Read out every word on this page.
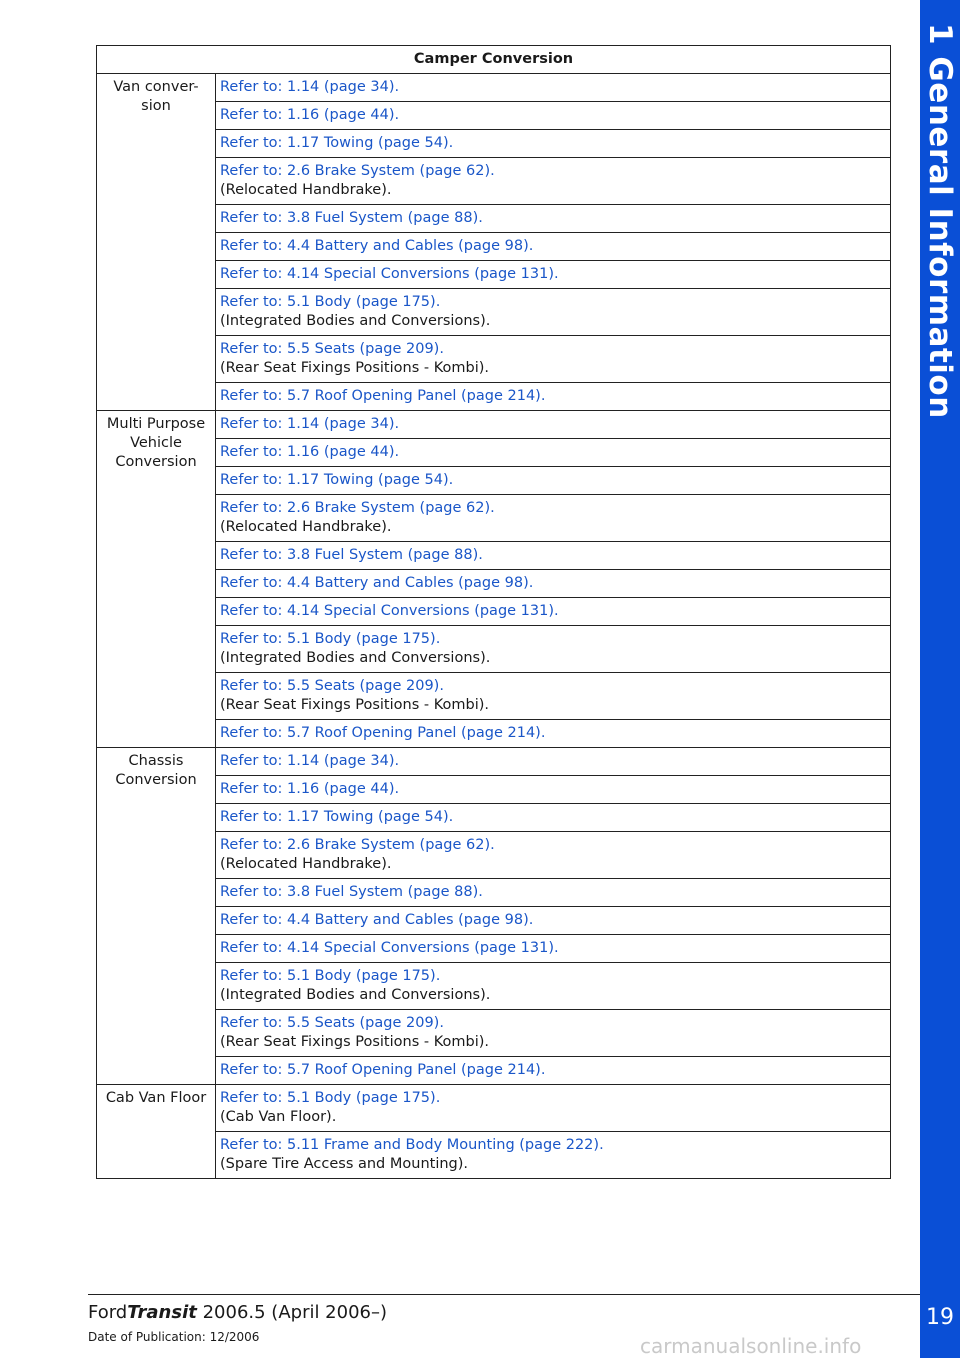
Camper Conversion	
Van conver-
sion	Refer to: 1.14 (page 34).

	Refer to: 1.16 (page 44).

	Refer to: 1.17 Towing (page 54).

	Refer to: 2.6 Brake System (page 62).
(Relocated Handbrake).

	Refer to: 3.8 Fuel System (page 88).

	Refer to: 4.4 Battery and Cables (page 98).

	Refer to: 4.14 Special Conversions (page 131).

	Refer to: 5.1 Body (page 175).
(Integrated Bodies and Conversions).

	Refer to: 5.5 Seats (page 209).
(Rear Seat Fixings Positions - Kombi).

	Refer to: 5.7 Roof Opening Panel (page 214).

Multi Purpose Vehicle Conversion	Refer to: 1.14 (page 34).

	Refer to: 1.16 (page 44).

	Refer to: 1.17 Towing (page 54).

	Refer to: 2.6 Brake System (page 62).
(Relocated Handbrake).

	Refer to: 3.8 Fuel System (page 88).

	Refer to: 4.4 Battery and Cables (page 98).

	Refer to: 4.14 Special Conversions (page 131).

	Refer to: 5.1 Body (page 175).
(Integrated Bodies and Conversions).

	Refer to: 5.5 Seats (page 209).
(Rear Seat Fixings Positions - Kombi).

	Refer to: 5.7 Roof Opening Panel (page 214).

Chassis Conversion	Refer to: 1.14 (page 34).

	Refer to: 1.16 (page 44).

	Refer to: 1.17 Towing (page 54).

	Refer to: 2.6 Brake System (page 62).
(Relocated Handbrake).

	Refer to: 3.8 Fuel System (page 88).

	Refer to: 4.4 Battery and Cables (page 98).

	Refer to: 4.14 Special Conversions (page 131).

	Refer to: 5.1 Body (page 175).
(Integrated Bodies and Conversions).

	Refer to: 5.5 Seats (page 209).
(Rear Seat Fixings Positions - Kombi).

	Refer to: 5.7 Roof Opening Panel (page 214).

Cab Van Floor	Refer to: 5.1 Body (page 175).
(Cab Van Floor).

	Refer to: 5.11 Frame and Body Mounting (page 222).
(Spare Tire Access and Mounting).
1 General Information
19
FordTransit 2006.5 (April 2006–)
Date of Publication: 12/2006	carmanualsonline.info
